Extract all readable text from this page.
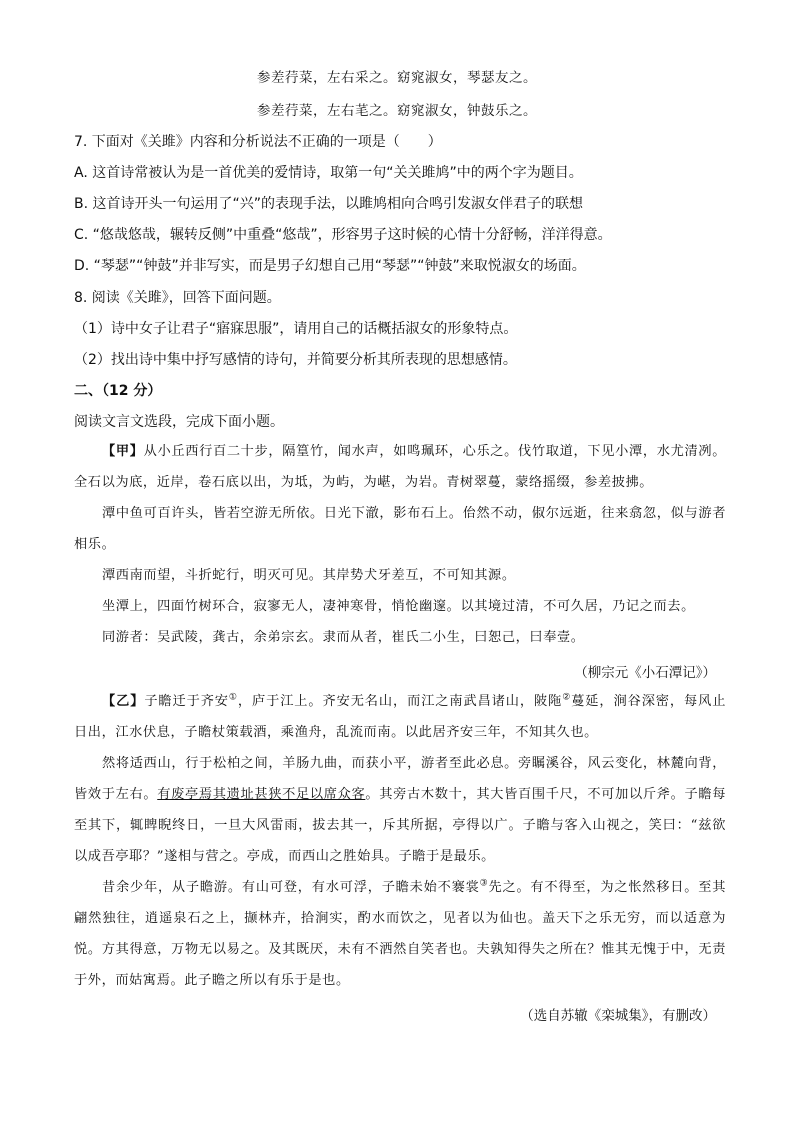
参差荇菜，左右采之。窈窕淑女，琴瑟友之。
参差荇菜，左右芼之。窈窕淑女，钟鼓乐之。
7. 下面对《关雎》内容和分析说法不正确的一项是（　　）
A. 这首诗常被认为是一首优美的爱情诗，取第一句“关关雎鸠”中的两个字为题目。
B. 这首诗开头一句运用了“兴”的表现手法，以雎鸠相向合鸣引发淑女伴君子的联想
C. “悠哉悠哉，辗转反侧”中重叠“悠哉”，形容男子这时候的心情十分舒畅，洋洋得意。
D. “琴瑟”“钟鼓”并非写实，而是男子幻想自己用“琴瑟”“钟鼓”来取悦淑女的场面。
8. 阅读《关雎》，回答下面问题。
（1）诗中女子让君子“寤寐思服”，请用自己的话概括淑女的形象特点。
（2）找出诗中集中抒写感情的诗句，并简要分析其所表现的思想感情。
二、（12 分）
阅读文言文选段，完成下面小题。

【甲】从小丘西行百二十步，隔篁竹，闻水声，如鸣珮环，心乐之。伐竹取道，下见小潭，水尤清冽。全石以为底，近岸，卷石底以出，为坻，为屿，为嵁，为岩。青树翠蔓，蒙络摇缀，参差披拂。

潭中鱼可百许头，皆若空游无所依。日光下澈，影布石上。佁然不动，俶尔远逝，往来翕忽，似与游者相乐。

潭西南而望，斗折蛇行，明灭可见。其岸势犬牙差互，不可知其源。

坐潭上，四面竹树环合，寂寥无人，凄神寒骨，悄怆幽邃。以其境过清，不可久居，乃记之而去。

同游者：吴武陵，龚古，余弟宗玄。隶而从者，崔氏二小生，曰恕己，曰奉壹。

（柳宗元《小石潭记》）

【乙】子瞻迁于齐安①，庐于江上。齐安无名山，而江之南武昌诸山，陂陁②蔓延，涧谷深密，每风止日出，江水伏息，子瞻杖策载酒，乘渔舟，乱流而南。以此居齐安三年，不知其久也。

然将适西山，行于松柏之间，羊肠九曲，而获小平，游者至此必息。旁瞩溪谷，风云变化，林麓向背，皆效于左右。有废亭焉其遗址甚狭不足以席众客。其旁古木数十，其大皆百围千尺，不可加以斤斧。子瞻每至其下，辄睥睨终日，一旦大风雷雨，拔去其一，斥其所据，亭得以广。子瞻与客入山视之，笑曰：“兹欲以成吾亭耶？”遂相与营之。亭成，而西山之胜始具。子瞻于是最乐。

昔余少年，从子瞻游。有山可登，有水可浮，子瞻未始不褰裳③先之。有不得至，为之怅然移日。至其翩然独往，逍遥泉石之上，撷林卉，拾涧实，酌水而饮之，见者以为仙也。盖天下之乐无穷，而以适意为悦。方其得意，万物无以易之。及其既厌，未有不洒然自笑者也。夫孰知得失之所在？惟其无愧于中，无责于外，而姑寓焉。此子瞻之所以有乐于是也。

（选自苏辙《栾城集》，有删改）
